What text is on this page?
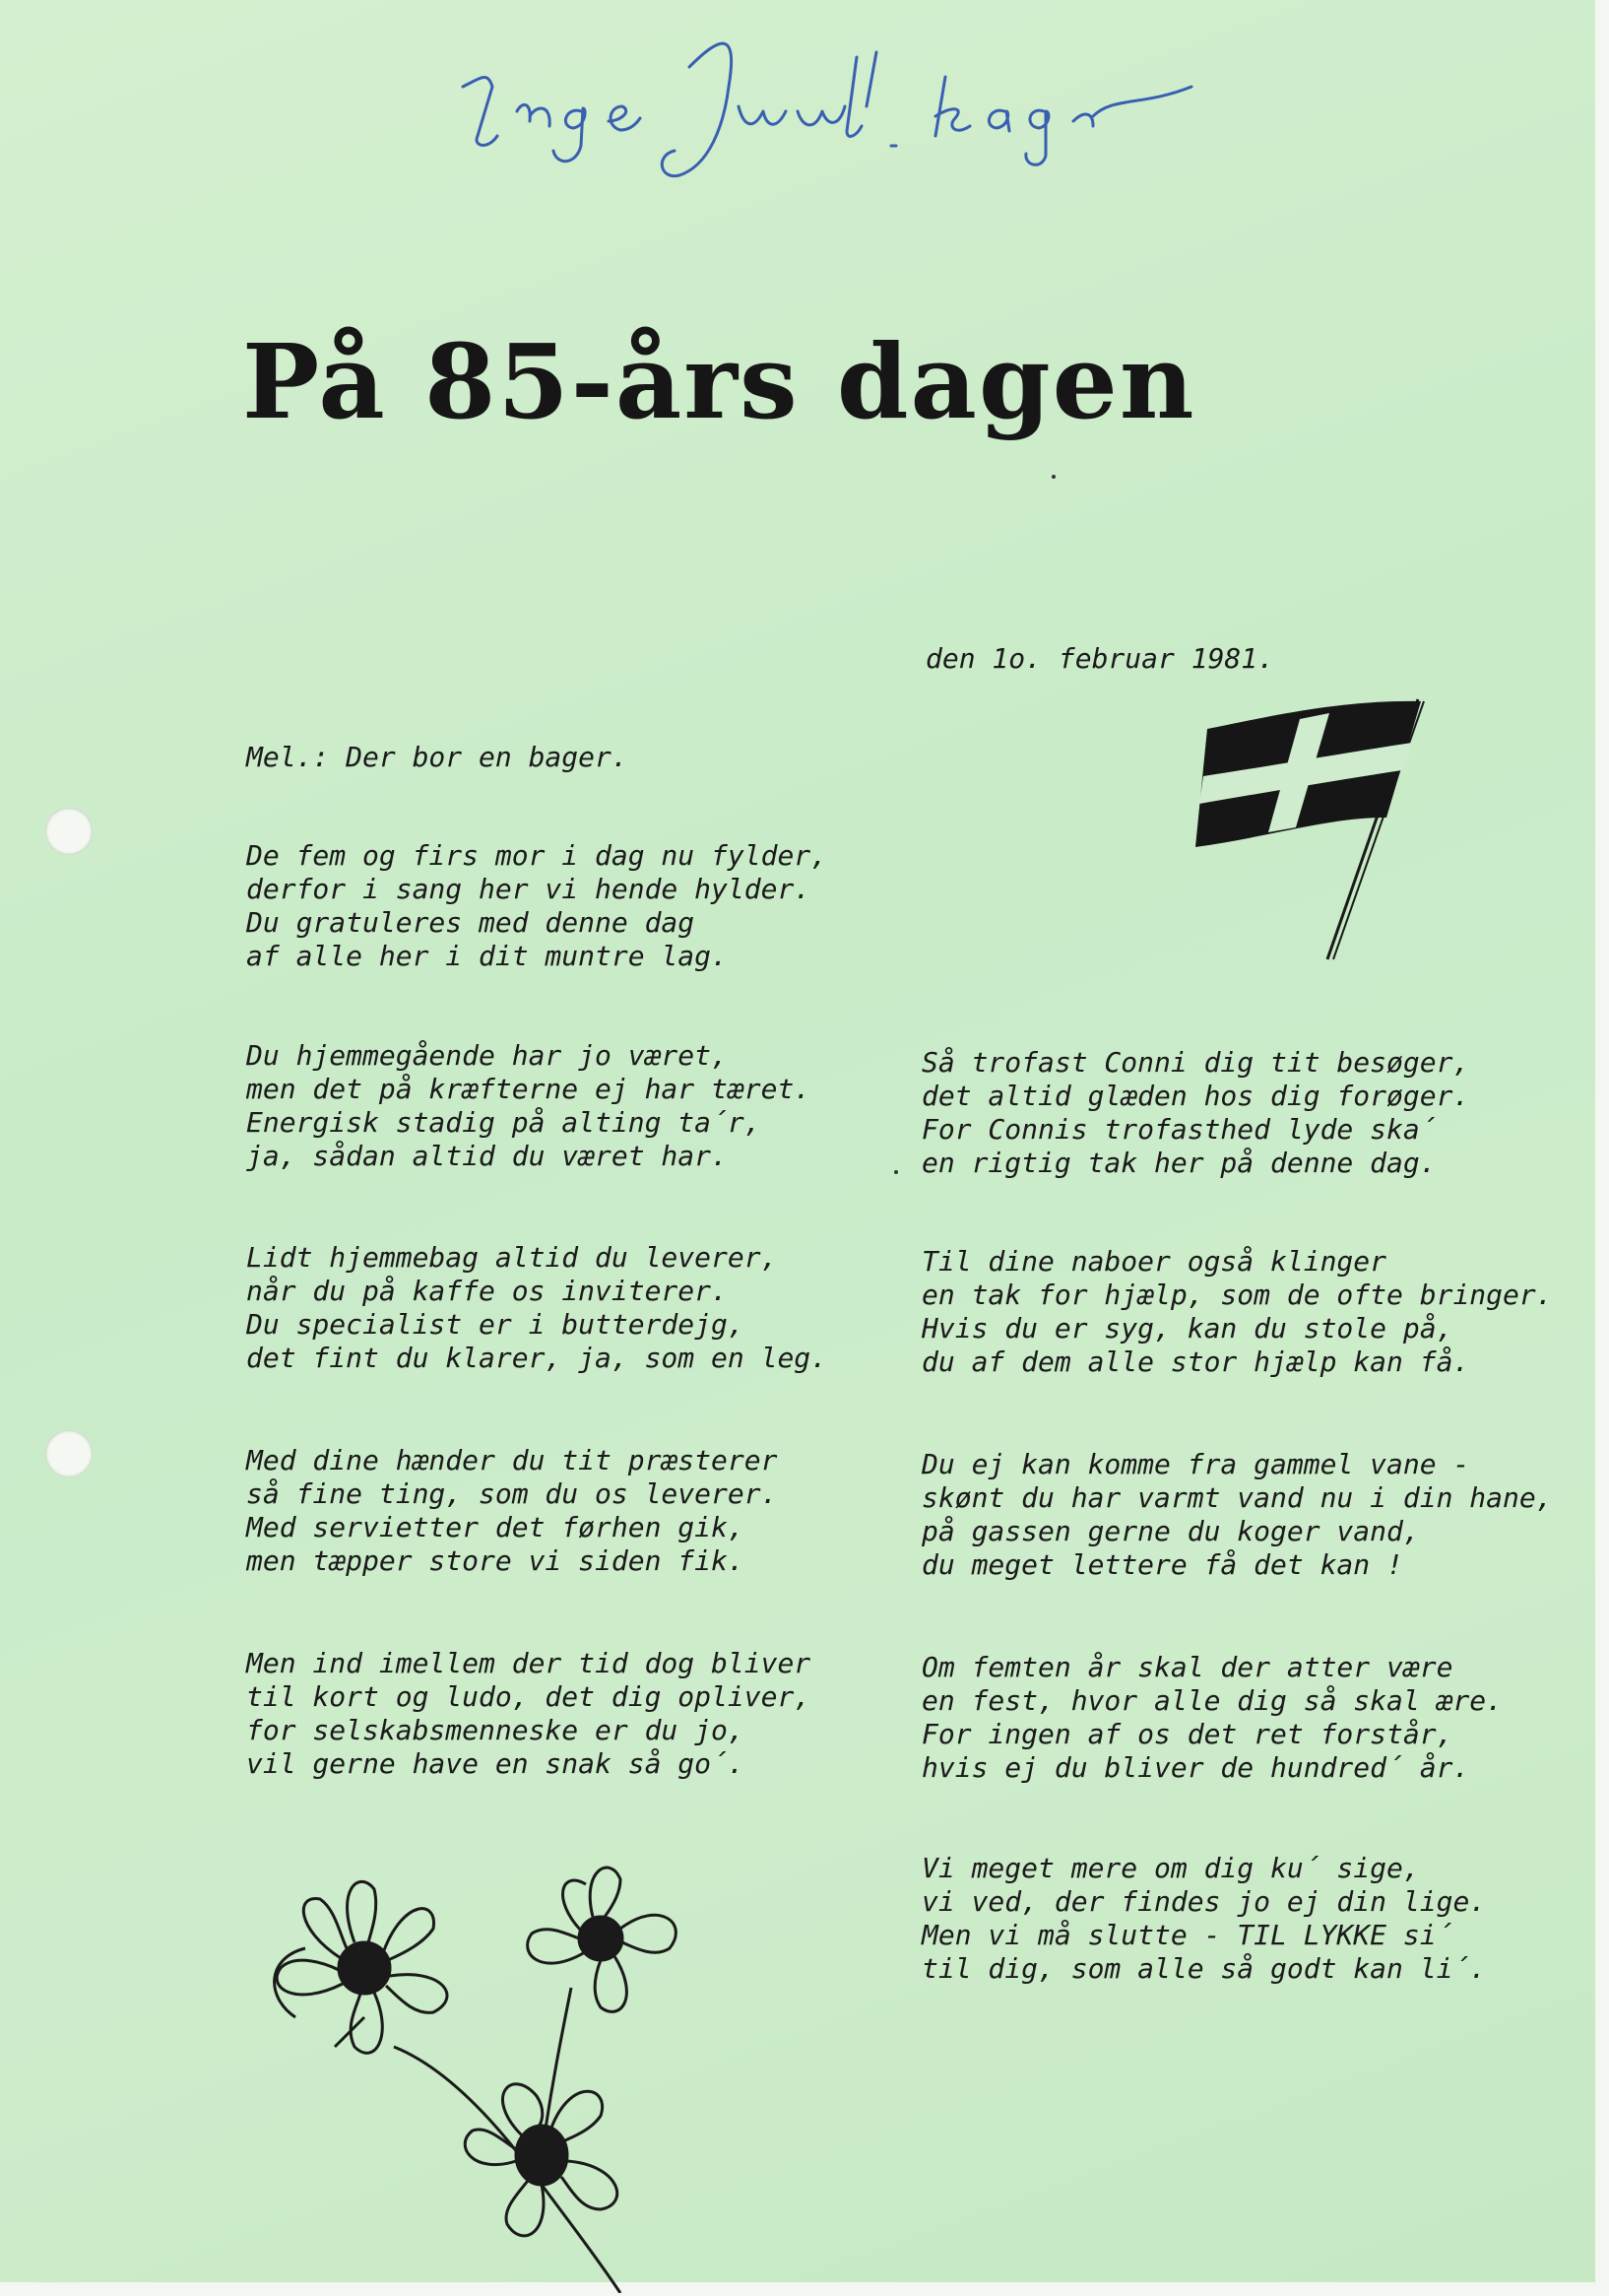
På 85-års dagen
den 1o. februar 1981.
Mel.: Der bor en bager.
De fem og firs mor i dag nu fylder,
derfor i sang her vi hende hylder.
Du gratuleres med denne dag
af alle her i dit muntre lag.
Du hjemmegående har jo været,
men det på kræfterne ej har tæret.
Energisk stadig på alting ta´r,
ja, sådan altid du været har.
Lidt hjemmebag altid du leverer,
når du på kaffe os inviterer.
Du specialist er i butterdejg,
det fint du klarer, ja, som en leg.
Med dine hænder du tit præsterer
så fine ting, som du os leverer.
Med servietter det førhen gik,
men tæpper store vi siden fik.
Men ind imellem der tid dog bliver
til kort og ludo, det dig opliver,
for selskabsmenneske er du jo,
vil gerne have en snak så go´.
Så trofast Conni dig tit besøger,
det altid glæden hos dig forøger.
For Connis trofasthed lyde ska´
en rigtig tak her på denne dag.
Til dine naboer også klinger
en tak for hjælp, som de ofte bringer.
Hvis du er syg, kan du stole på,
du af dem alle stor hjælp kan få.
Du ej kan komme fra gammel vane -
skønt du har varmt vand nu i din hane,
på gassen gerne du koger vand,
du meget lettere få det kan !
Om femten år skal der atter være
en fest, hvor alle dig så skal ære.
For ingen af os det ret forstår,
hvis ej du bliver de hundred´ år.
Vi meget mere om dig ku´ sige,
vi ved, der findes jo ej din lige.
Men vi må slutte - TIL LYKKE si´
til dig, som alle så godt kan li´.
